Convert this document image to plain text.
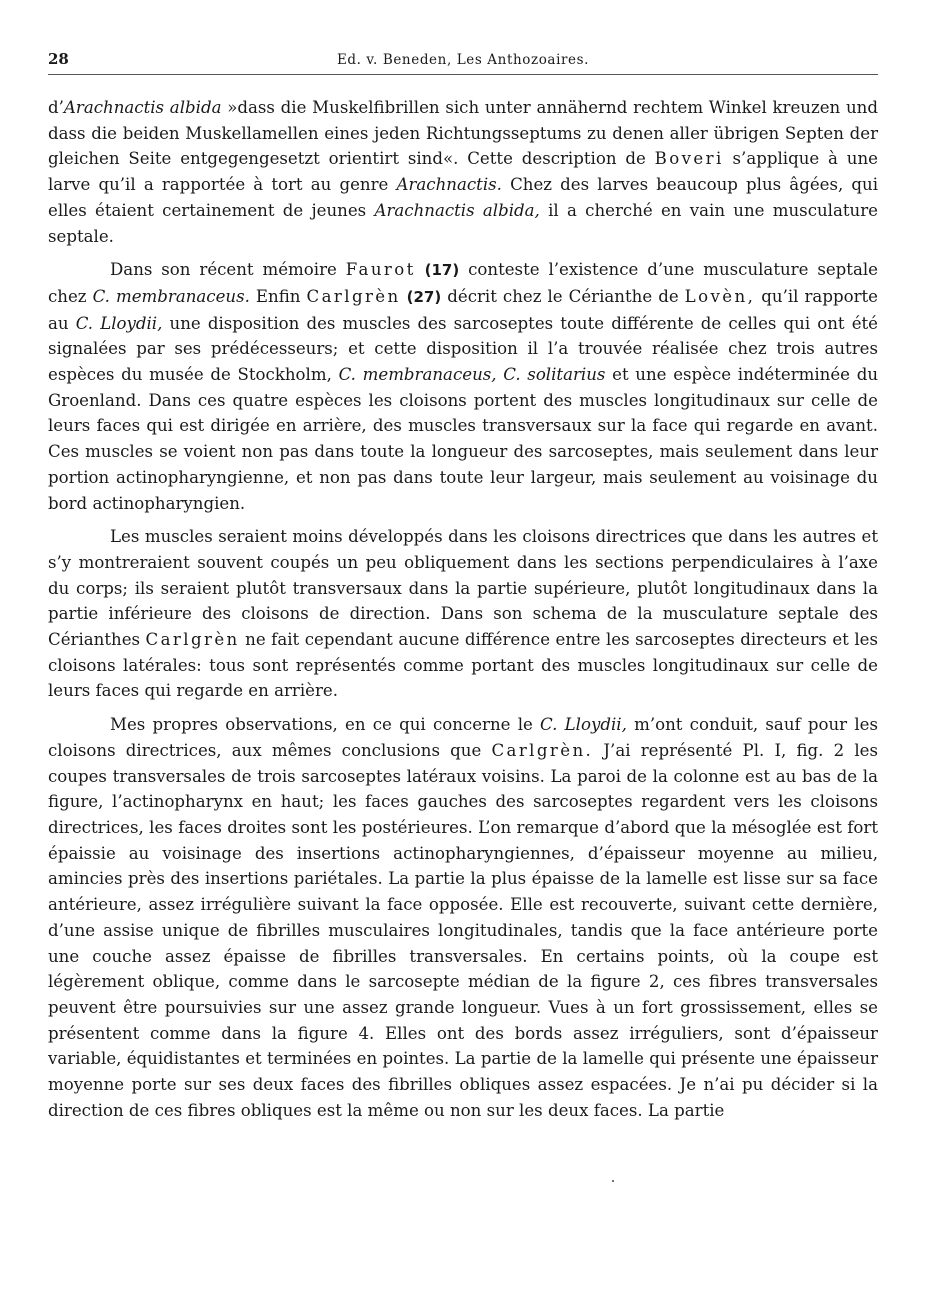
28	Ed. v. Beneden, Les Anthozoaires.

d’Arachnactis albida »dass die Muskelfibrillen sich unter annähernd rechtem Winkel kreuzen und dass die beiden Muskellamellen eines jeden Richtungsseptums zu denen aller übrigen Septen der gleichen Seite entgegengesetzt orientirt sind«. Cette description de Boveri s’applique à une larve qu’il a rapportée à tort au genre Arachnactis. Chez des larves beaucoup plus âgées, qui elles étaient certainement de jeunes Arachnactis albida, il a cherché en vain une musculature septale.

Dans son récent mémoire Faurot (17) conteste l’existence d’une musculature septale chez C. membranaceus. Enfin Carlgrèn (27) décrit chez le Cérianthe de Lovèn, qu’il rapporte au C. Lloydii, une disposition des muscles des sarcoseptes toute différente de celles qui ont été signalées par ses prédécesseurs; et cette disposition il l’a trouvée réalisée chez trois autres espèces du musée de Stockholm, C. membranaceus, C. solitarius et une espèce indéterminée du Groenland. Dans ces quatre espèces les cloisons portent des muscles longitudinaux sur celle de leurs faces qui est dirigée en arrière, des muscles transversaux sur la face qui regarde en avant. Ces muscles se voient non pas dans toute la longueur des sarcoseptes, mais seulement dans leur portion actinopharyngienne, et non pas dans toute leur largeur, mais seulement au voisinage du bord actinopharyngien.

Les muscles seraient moins développés dans les cloisons directrices que dans les autres et s’y montreraient souvent coupés un peu obliquement dans les sections perpendiculaires à l’axe du corps; ils seraient plutôt transversaux dans la partie supérieure, plutôt longitudinaux dans la partie inférieure des cloisons de direction. Dans son schema de la musculature septale des Cérianthes Carlgrèn ne fait cependant aucune différence entre les sarcoseptes directeurs et les cloisons latérales: tous sont représentés comme portant des muscles longitudinaux sur celle de leurs faces qui regarde en arrière.

Mes propres observations, en ce qui concerne le C. Lloydii, m’ont conduit, sauf pour les cloisons directrices, aux mêmes conclusions que Carlgrèn. J’ai représenté Pl. I, fig. 2 les coupes transversales de trois sarcoseptes latéraux voisins. La paroi de la colonne est au bas de la figure, l’actinopharynx en haut; les faces gauches des sarcoseptes regardent vers les cloisons directrices, les faces droites sont les postérieures. L’on remarque d’abord que la mésoglée est fort épaissie au voisinage des insertions actinopharyngiennes, d’épaisseur moyenne au milieu, amincies près des insertions pariétales. La partie la plus épaisse de la lamelle est lisse sur sa face antérieure, assez irrégulière suivant la face opposée. Elle est recouverte, suivant cette dernière, d’une assise unique de fibrilles musculaires longitudinales, tandis que la face antérieure porte une couche assez épaisse de fibrilles transversales. En certains points, où la coupe est légèrement oblique, comme dans le sarcosepte médian de la figure 2, ces fibres transversales peuvent être poursuivies sur une assez grande longueur. Vues à un fort grossissement, elles se présentent comme dans la figure 4. Elles ont des bords assez irréguliers, sont d’épaisseur variable, équidistantes et terminées en pointes. La partie de la lamelle qui présente une épaisseur moyenne porte sur ses deux faces des fibrilles obliques assez espacées. Je n’ai pu décider si la direction de ces fibres obliques est la même ou non sur les deux faces. La partie
